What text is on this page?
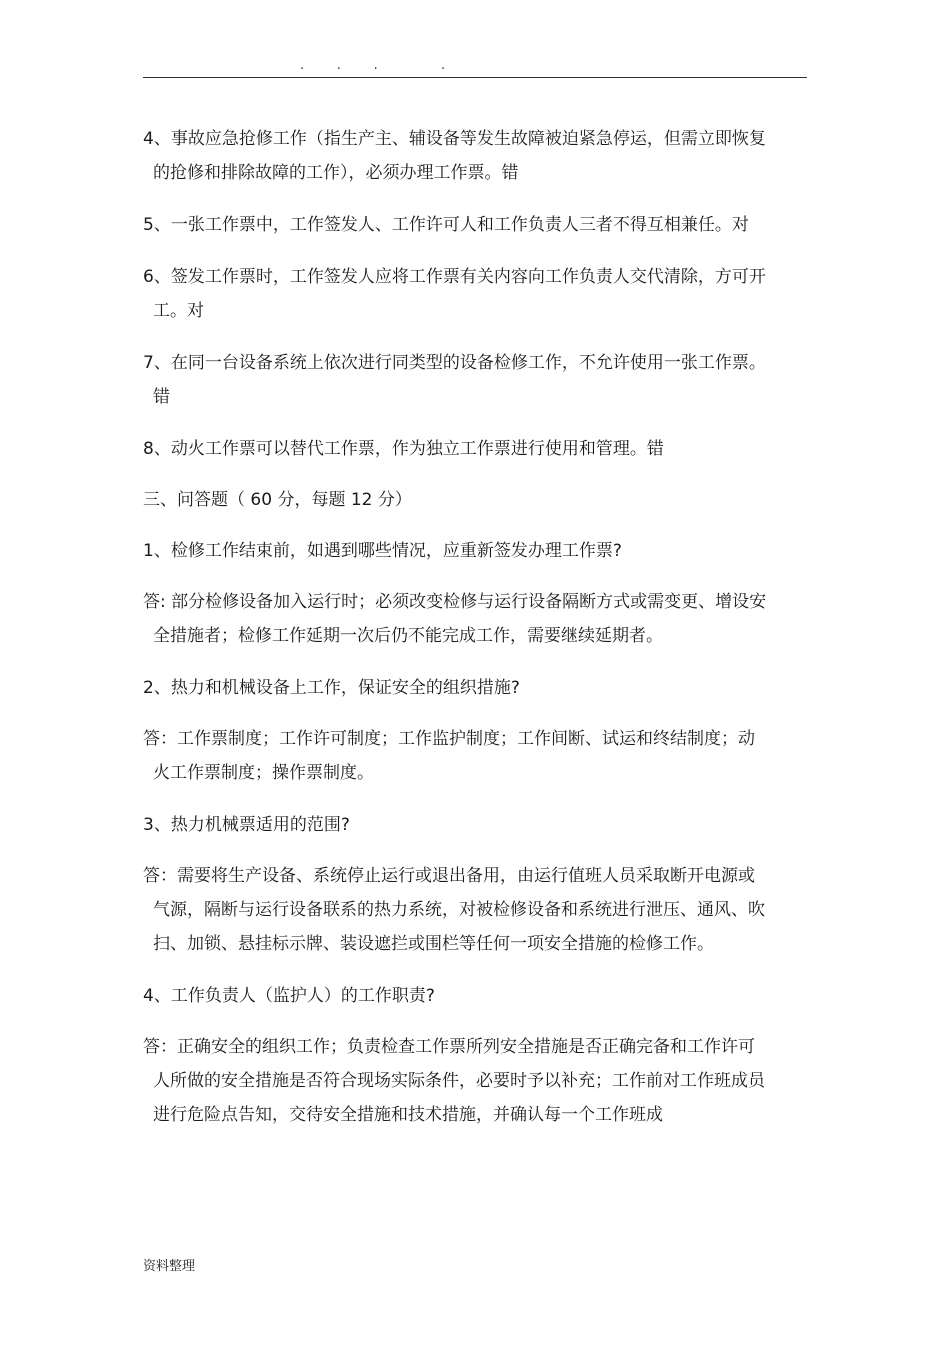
.     .     .          .

4、事故应急抢修工作（指生产主、辅设备等发生故障被迫紧急停运，但需立即恢复的抢修和排除故障的工作），必须办理工作票。错

5、一张工作票中，工作签发人、工作许可人和工作负责人三者不得互相兼任。对

6、签发工作票时，工作签发人应将工作票有关内容向工作负责人交代清除，方可开工。对

7、在同一台设备系统上依次进行同类型的设备检修工作，不允许使用一张工作票。错

8、动火工作票可以替代工作票，作为独立工作票进行使用和管理。错

三、问答题（ 60 分，每题 12 分）

1、检修工作结束前，如遇到哪些情况，应重新签发办理工作票?

答: 部分检修设备加入运行时；必须改变检修与运行设备隔断方式或需变更、增设安全措施者；检修工作延期一次后仍不能完成工作，需要继续延期者。

2、热力和机械设备上工作，保证安全的组织措施?

答：工作票制度；工作许可制度；工作监护制度；工作间断、试运和终结制度；动火工作票制度；操作票制度。

3、热力机械票适用的范围?

答：需要将生产设备、系统停止运行或退出备用，由运行值班人员采取断开电源或气源，隔断与运行设备联系的热力系统，对被检修设备和系统进行泄压、通风、吹扫、加锁、悬挂标示牌、装设遮拦或围栏等任何一项安全措施的检修工作。

4、工作负责人（监护人）的工作职责?

答：正确安全的组织工作；负责检查工作票所列安全措施是否正确完备和工作许可人所做的安全措施是否符合现场实际条件，必要时予以补充；工作前对工作班成员进行危险点告知，交待安全措施和技术措施，并确认每一个工作班成

资料整理
